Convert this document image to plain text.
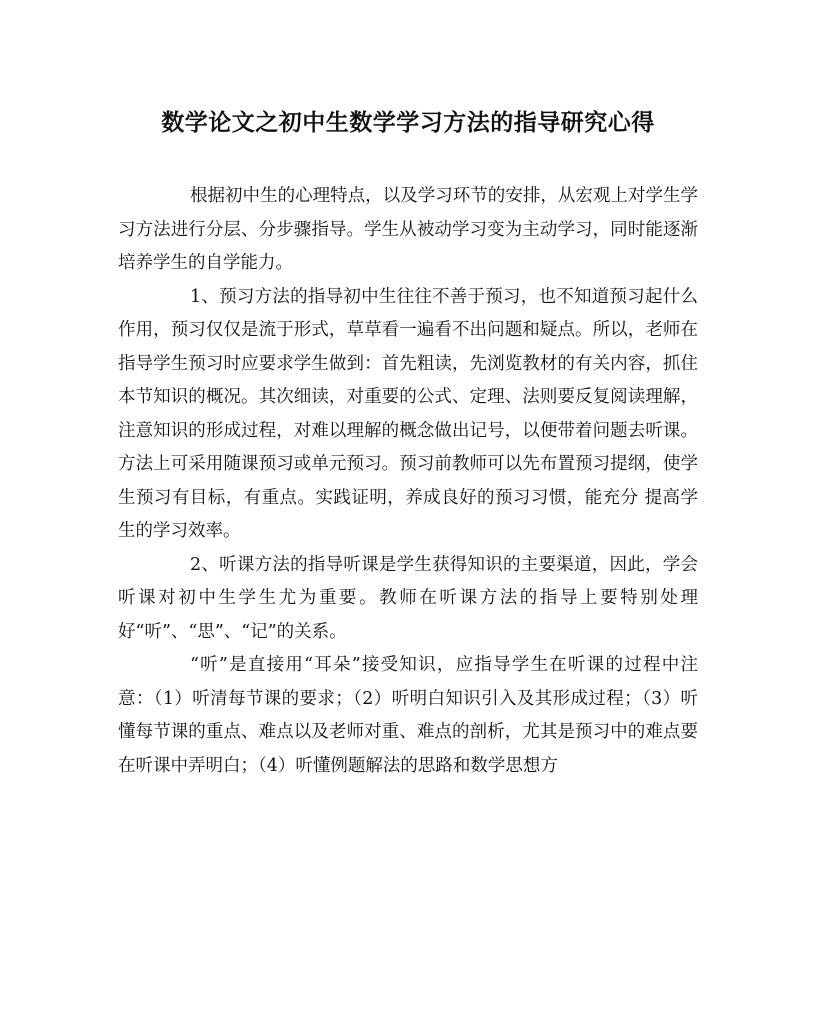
数学论文之初中生数学学习方法的指导研究心得

根据初中生的心理特点，以及学习环节的安排，从宏观上对学生学习方法进行分层、分步骤指导。学生从被动学习变为主动学习，同时能逐渐培养学生的自学能力。

1、预习方法的指导初中生往往不善于预习，也不知道预习起什么作用，预习仅仅是流于形式，草草看一遍看不出问题和疑点。所以，老师在指导学生预习时应要求学生做到：首先粗读，先浏览教材的有关内容，抓住本节知识的概况。其次细读，对重要的公式、定理、法则要反复阅读理解，注意知识的形成过程，对难以理解的概念做出记号，以便带着问题去听课。方法上可采用随课预习或单元预习。预习前教师可以先布置预习提纲，使学生预习有目标，有重点。实践证明，养成良好的预习习惯，能充分 提高学生的学习效率。

2、听课方法的指导听课是学生获得知识的主要渠道，因此，学会听课对初中生学生尤为重要。教师在听课方法的指导上要特别处理好“听”、“思”、“记”的关系。

“听”是直接用“耳朵”接受知识，应指导学生在听课的过程中注意：（1）听清每节课的要求；（2）听明白知识引入及其形成过程；（3）听懂每节课的重点、难点以及老师对重、难点的剖析，尤其是预习中的难点要在听课中弄明白；（4）听懂例题解法的思路和数学思想方
